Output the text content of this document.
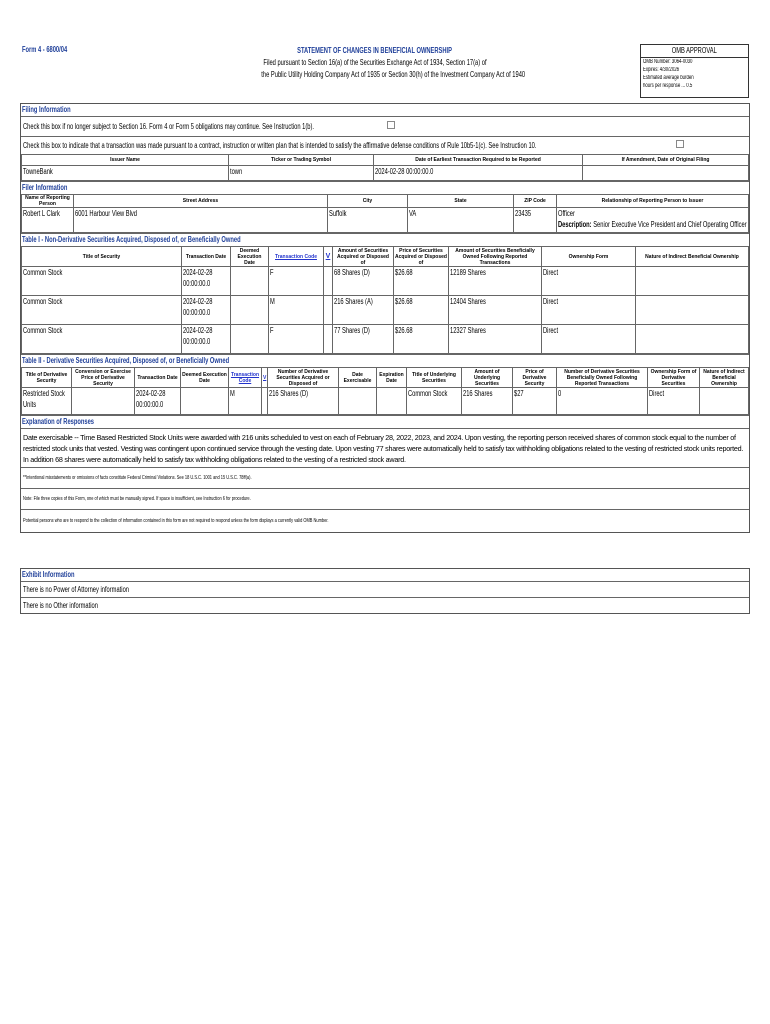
Form 4 - 6800/04	STATEMENT OF CHANGES IN BENEFICIAL OWNERSHIP
Filed pursuant to Section 16(a) of the Securities Exchange Act of 1934, Section 17(a) of
the Public Utility Holding Company Act of 1935 or Section 30(h) of the Investment Company Act of 1940
OMB APPROVAL
OMB Number: 3064-0030
Expires: 4/30/2026
Estimated average burden
hours per response ... 0.5
Filing Information
Check this box if no longer subject to Section 16. Form 4 or Form 5 obligations may continue. See Instruction 1(b).
Check this box to indicate that a transaction was made pursuant to a contract, instruction or written plan that is intended to satisfy the affirmative defense conditions of Rule 10b5-1(c). See Instruction 10.
Issuer Name	Ticker or Trading Symbol	Date of Earliest Transaction Required to be Reported	If Amendment, Date of Original Filing
TowneBank	town	2024-02-28 00:00:00.0	
Filer Information
Name of Reporting Person	Street Address	City	State	ZIP Code	Relationship of Reporting Person to Issuer
Robert L Clark	6001 Harbour View Blvd	Suffolk	VA	23435	Officer
Description: Senior Executive Vice President and Chief Operating Officer
Table I - Non-Derivative Securities Acquired, Disposed of, or Beneficially Owned
Title of Security	Transaction Date	Deemed Execution Date	Transaction Code	V	Amount of Securities Acquired or Disposed of	Price of Securities Acquired or Disposed of	Amount of Securities Beneficially Owned Following Reported Transactions	Ownership Form	Nature of Indirect Beneficial Ownership
Common Stock	2024-02-28 00:00:00.0		F		68 Shares (D)	$26.68	12189 Shares	Direct	
Common Stock	2024-02-28 00:00:00.0		M		216 Shares (A)	$26.68	12404 Shares	Direct	
Common Stock	2024-02-28 00:00:00.0		F		77 Shares (D)	$26.68	12327 Shares	Direct	
Table II - Derivative Securities Acquired, Disposed of, or Beneficially Owned
Title of Derivative Security	Conversion or Exercise Price of Derivative Security	Transaction Date	Deemed Execution Date	Transaction Code	V	Number of Derivative Securities Acquired or Disposed of	Date Exercisable	Expiration Date	Title of Underlying Securities	Amount of Underlying Securities	Price of Derivative Security	Number of Derivative Securities Beneficially Owned Following Reported Transactions	Ownership Form of Derivative Securities	Nature of Indirect Beneficial Ownership
Restricted Stock Units		2024-02-28 00:00:00.0		M		216 Shares (D)			Common Stock	216 Shares	$27	0	Direct	
Explanation of Responses
Date exercisable -- Time Based Restricted Stock Units were awarded with 216 units scheduled to vest on each of February 28, 2022, 2023, and 2024. Upon vesting, the reporting person received shares of common stock equal to the number of restricted stock units that vested. Vesting was contingent upon continued service through the vesting date. Upon vesting 77 shares were automatically held to satisfy tax withholding obligations related to the vesting of restricted stock units reported. In addition 68 shares were automatically held to satisfy tax withholding obligations related to the vesting of a restricted stock award.
**Intentional misstatements or omissions of facts constitute Federal Criminal Violations. See 18 U.S.C. 1001 and 15 U.S.C. 78ff(a).
Note: File three copies of this Form, one of which must be manually signed. If space is insufficient, see Instruction 6 for procedure.
Potential persons who are to respond to the collection of information contained in this form are not required to respond unless the form displays a currently valid OMB Number.
Exhibit Information
There is no Power of Attorney information
There is no Other information
